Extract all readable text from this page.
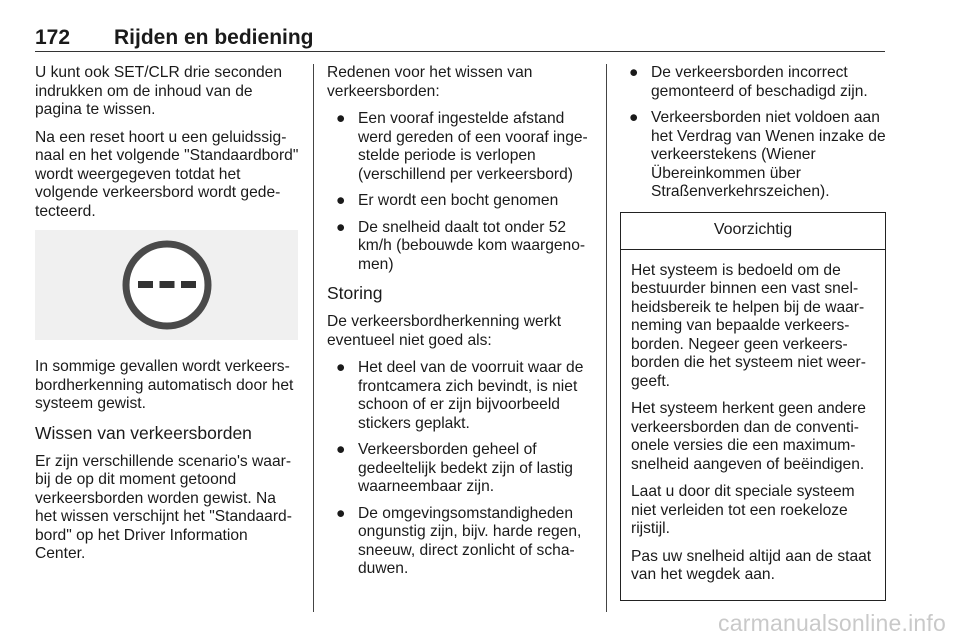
172 Rijden en bediening

U kunt ook SET/CLR drie seconden indrukken om de inhoud van de pagina te wissen.

Na een reset hoort u een geluidssignaal en het volgende "Standaardbord" wordt weergegeven totdat het volgende verkeersbord wordt gedetecteerd.

In sommige gevallen wordt verkeersbordherkenning automatisch door het systeem gewist.

Wissen van verkeersborden

Er zijn verschillende scenario's waarbij de op dit moment getoond verkeersborden worden gewist. Na het wissen verschijnt het "Standaardbord" op het Driver Information Center.

Redenen voor het wissen van verkeersborden:

● Een vooraf ingestelde afstand werd gereden of een vooraf ingestelde periode is verlopen (verschillend per verkeersbord)
● Er wordt een bocht genomen
● De snelheid daalt tot onder 52 km/h (bebouwde kom waargenomen)
Storing

De verkeersbordherkenning werkt eventueel niet goed als:

● Het deel van de voorruit waar de frontcamera zich bevindt, is niet schoon of er zijn bijvoorbeeld stickers geplakt.
● Verkeersborden geheel of gedeeltelijk bedekt zijn of lastig waarneembaar zijn.
● De omgevingsomstandigheden ongunstig zijn, bijv. harde regen, sneeuw, direct zonlicht of schaduwen.
● De verkeersborden incorrect gemonteerd of beschadigd zijn.
● Verkeersborden niet voldoen aan het Verdrag van Wenen inzake de verkeerstekens (Wiener Übereinkommen über Straßenverkehrszeichen).
Voorzichtig

Het systeem is bedoeld om de bestuurder binnen een vast snelheidsbereik te helpen bij de waarneming van bepaalde verkeersborden. Negeer geen verkeersborden die het systeem niet weergeeft.

Het systeem herkent geen andere verkeersborden dan de conventionele versies die een maximumsnelheid aangeven of beëindigen.

Laat u door dit speciale systeem niet verleiden tot een roekeloze rijstijl.

Pas uw snelheid altijd aan de staat van het wegdek aan.

carmanualsonline.info
